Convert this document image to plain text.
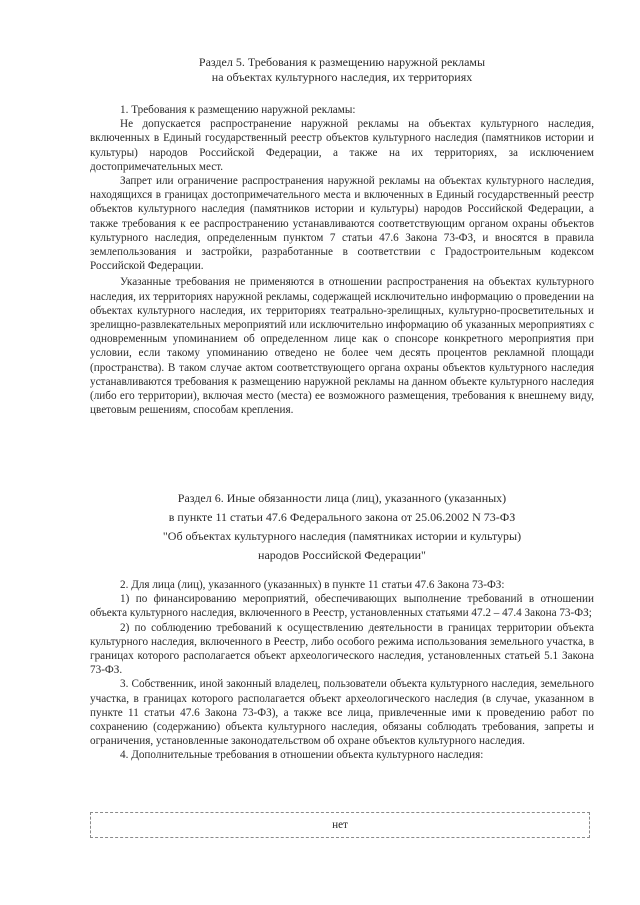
Раздел 5. Требования к размещению наружной рекламы
на объектах культурного наследия, их территориях

1. Требования к размещению наружной рекламы:

Не допускается распространение наружной рекламы на объектах культурного наследия, включенных в Единый государственный реестр объектов культурного наследия (памятников истории и культуры) народов Российской Федерации, а также на их территориях, за исключением достопримечательных мест.

Запрет или ограничение распространения наружной рекламы на объектах культурного наследия, находящихся в границах достопримечательного места и включенных в Единый государственный реестр объектов культурного наследия (памятников истории и культуры) народов Российской Федерации, а также требования к ее распространению устанавливаются соответствующим органом охраны объектов культурного наследия, определенным пунктом 7 статьи 47.6 Закона 73-ФЗ, и вносятся в правила землепользования и застройки, разработанные в соответствии с Градостроительным кодексом Российской Федерации.

Указанные требования не применяются в отношении распространения на объектах культурного наследия, их территориях наружной рекламы, содержащей исключительно информацию о проведении на объектах культурного наследия, их территориях театрально-зрелищных, культурно-просветительных и зрелищно-развлекательных мероприятий или исключительно информацию об указанных мероприятиях с одновременным упоминанием об определенном лице как о спонсоре конкретного мероприятия при условии, если такому упоминанию отведено не более чем десять процентов рекламной площади (пространства). В таком случае актом соответствующего органа охраны объектов культурного наследия устанавливаются требования к размещению наружной рекламы на данном объекте культурного наследия (либо его территории), включая место (места) ее возможного размещения, требования к внешнему виду, цветовым решениям, способам крепления.

Раздел 6. Иные обязанности лица (лиц), указанного (указанных)
в пункте 11 статьи 47.6 Федерального закона от 25.06.2002 N 73-ФЗ
"Об объектах культурного наследия (памятниках истории и культуры)
народов Российской Федерации"

2. Для лица (лиц), указанного (указанных) в пункте 11 статьи 47.6 Закона 73-ФЗ:

1) по финансированию мероприятий, обеспечивающих выполнение требований в отношении объекта культурного наследия, включенного в Реестр, установленных статьями 47.2 – 47.4 Закона 73-ФЗ;

2) по соблюдению требований к осуществлению деятельности в границах территории объекта культурного наследия, включенного в Реестр, либо особого режима использования земельного участка, в границах которого располагается объект археологического наследия, установленных статьей 5.1 Закона 73-ФЗ.

3. Собственник, иной законный владелец, пользователи объекта культурного наследия, земельного участка, в границах которого располагается объект археологического наследия (в случае, указанном в пункте 11 статьи 47.6 Закона 73-ФЗ), а также все лица, привлеченные ими к проведению работ по сохранению (содержанию) объекта культурного наследия, обязаны соблюдать требования, запреты и ограничения, установленные законодательством об охране объектов культурного наследия.

4. Дополнительные требования в отношении объекта культурного наследия:

нет
